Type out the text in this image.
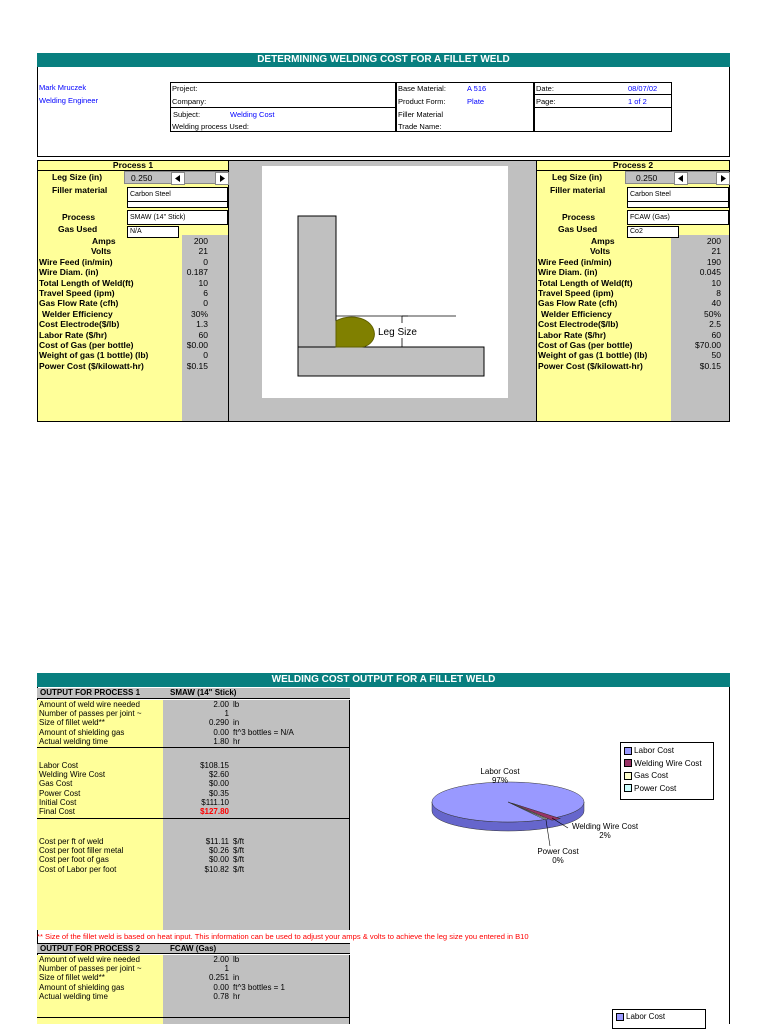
DETERMINING WELDING COST FOR A FILLET WELD
Mark Mruczek
Welding Engineer
Project:
Company:
Subject:	Welding Cost
Welding process Used:
Base Material:	A 516
Product Form:	Plate
Filler Material
Trade Name:
Date:	08/07/02
Page:	1 of 2
Process 1
Leg Size (in)	0.250
Filler material	Carbon Steel
Process	SMAW (14" Stick)
Gas Used	N/A
Amps	200
Volts	21
Wire Feed (in/min)	0
Wire Diam. (in)	0.187
Total Length of Weld(ft)	10
Travel Speed (ipm)	6
Gas Flow Rate (cfh)	0
Welder Efficiency	30%
Cost Electrode($/lb)	1.3
Labor Rate ($/hr)	60
Cost of Gas (per bottle)	$0.00
Weight of gas (1 bottle) (lb)	0
Power Cost ($/kilowatt-hr)	$0.15
Leg Size
Process 2
Leg Size (in)	0.250
Filler material	Carbon Steel
Process	FCAW (Gas)
Gas Used	Co2
Amps	200
Volts	21
Wire Feed (in/min)	190
Wire Diam. (in)	0.045
Total Length of Weld(ft)	10
Travel Speed (ipm)	8
Gas Flow Rate (cfh)	40
Welder Efficiency	50%
Cost Electrode($/lb)	2.5
Labor Rate ($/hr)	60
Cost of Gas (per bottle)	$70.00
Weight of gas (1 bottle) (lb)	50
Power Cost ($/kilowatt-hr)	$0.15
WELDING COST OUTPUT FOR A FILLET WELD
OUTPUT FOR PROCESS 1	SMAW (14" Stick)
Amount of weld wire needed	2.00 lb
Number of passes per joint ~	1
Size of fillet weld**	0.290 in
Amount of shielding gas	0.00 ft^3 bottles = N/A
Actual welding time	1.80 hr
Labor Cost	$108.15
Welding Wire Cost	$2.60
Gas Cost	$0.00
Power Cost	$0.35
Initial Cost	$111.10
Final Cost	$127.80
Cost per ft of weld	$11.11 $/ft
Cost per foot filler metal	$0.26 $/ft
Cost per foot of gas	$0.00 $/ft
Cost of Labor per foot	$10.82 $/ft
** Size of the fillet weld is based on heat input. This information can be used to adjust your amps & volts to achieve the leg size you entered in B10
OUTPUT FOR PROCESS 2	FCAW (Gas)
Amount of weld wire needed	2.00 lb
Number of passes per joint ~	1
Size of fillet weld**	0.251 in
Amount of shielding gas	0.00 ft^3 bottles = 1
Actual welding time	0.78 hr
Labor Cost
97%
Welding Wire Cost
2%
Power Cost
0%
Labor Cost
Welding Wire Cost
Gas Cost
Power Cost
Labor Cost
